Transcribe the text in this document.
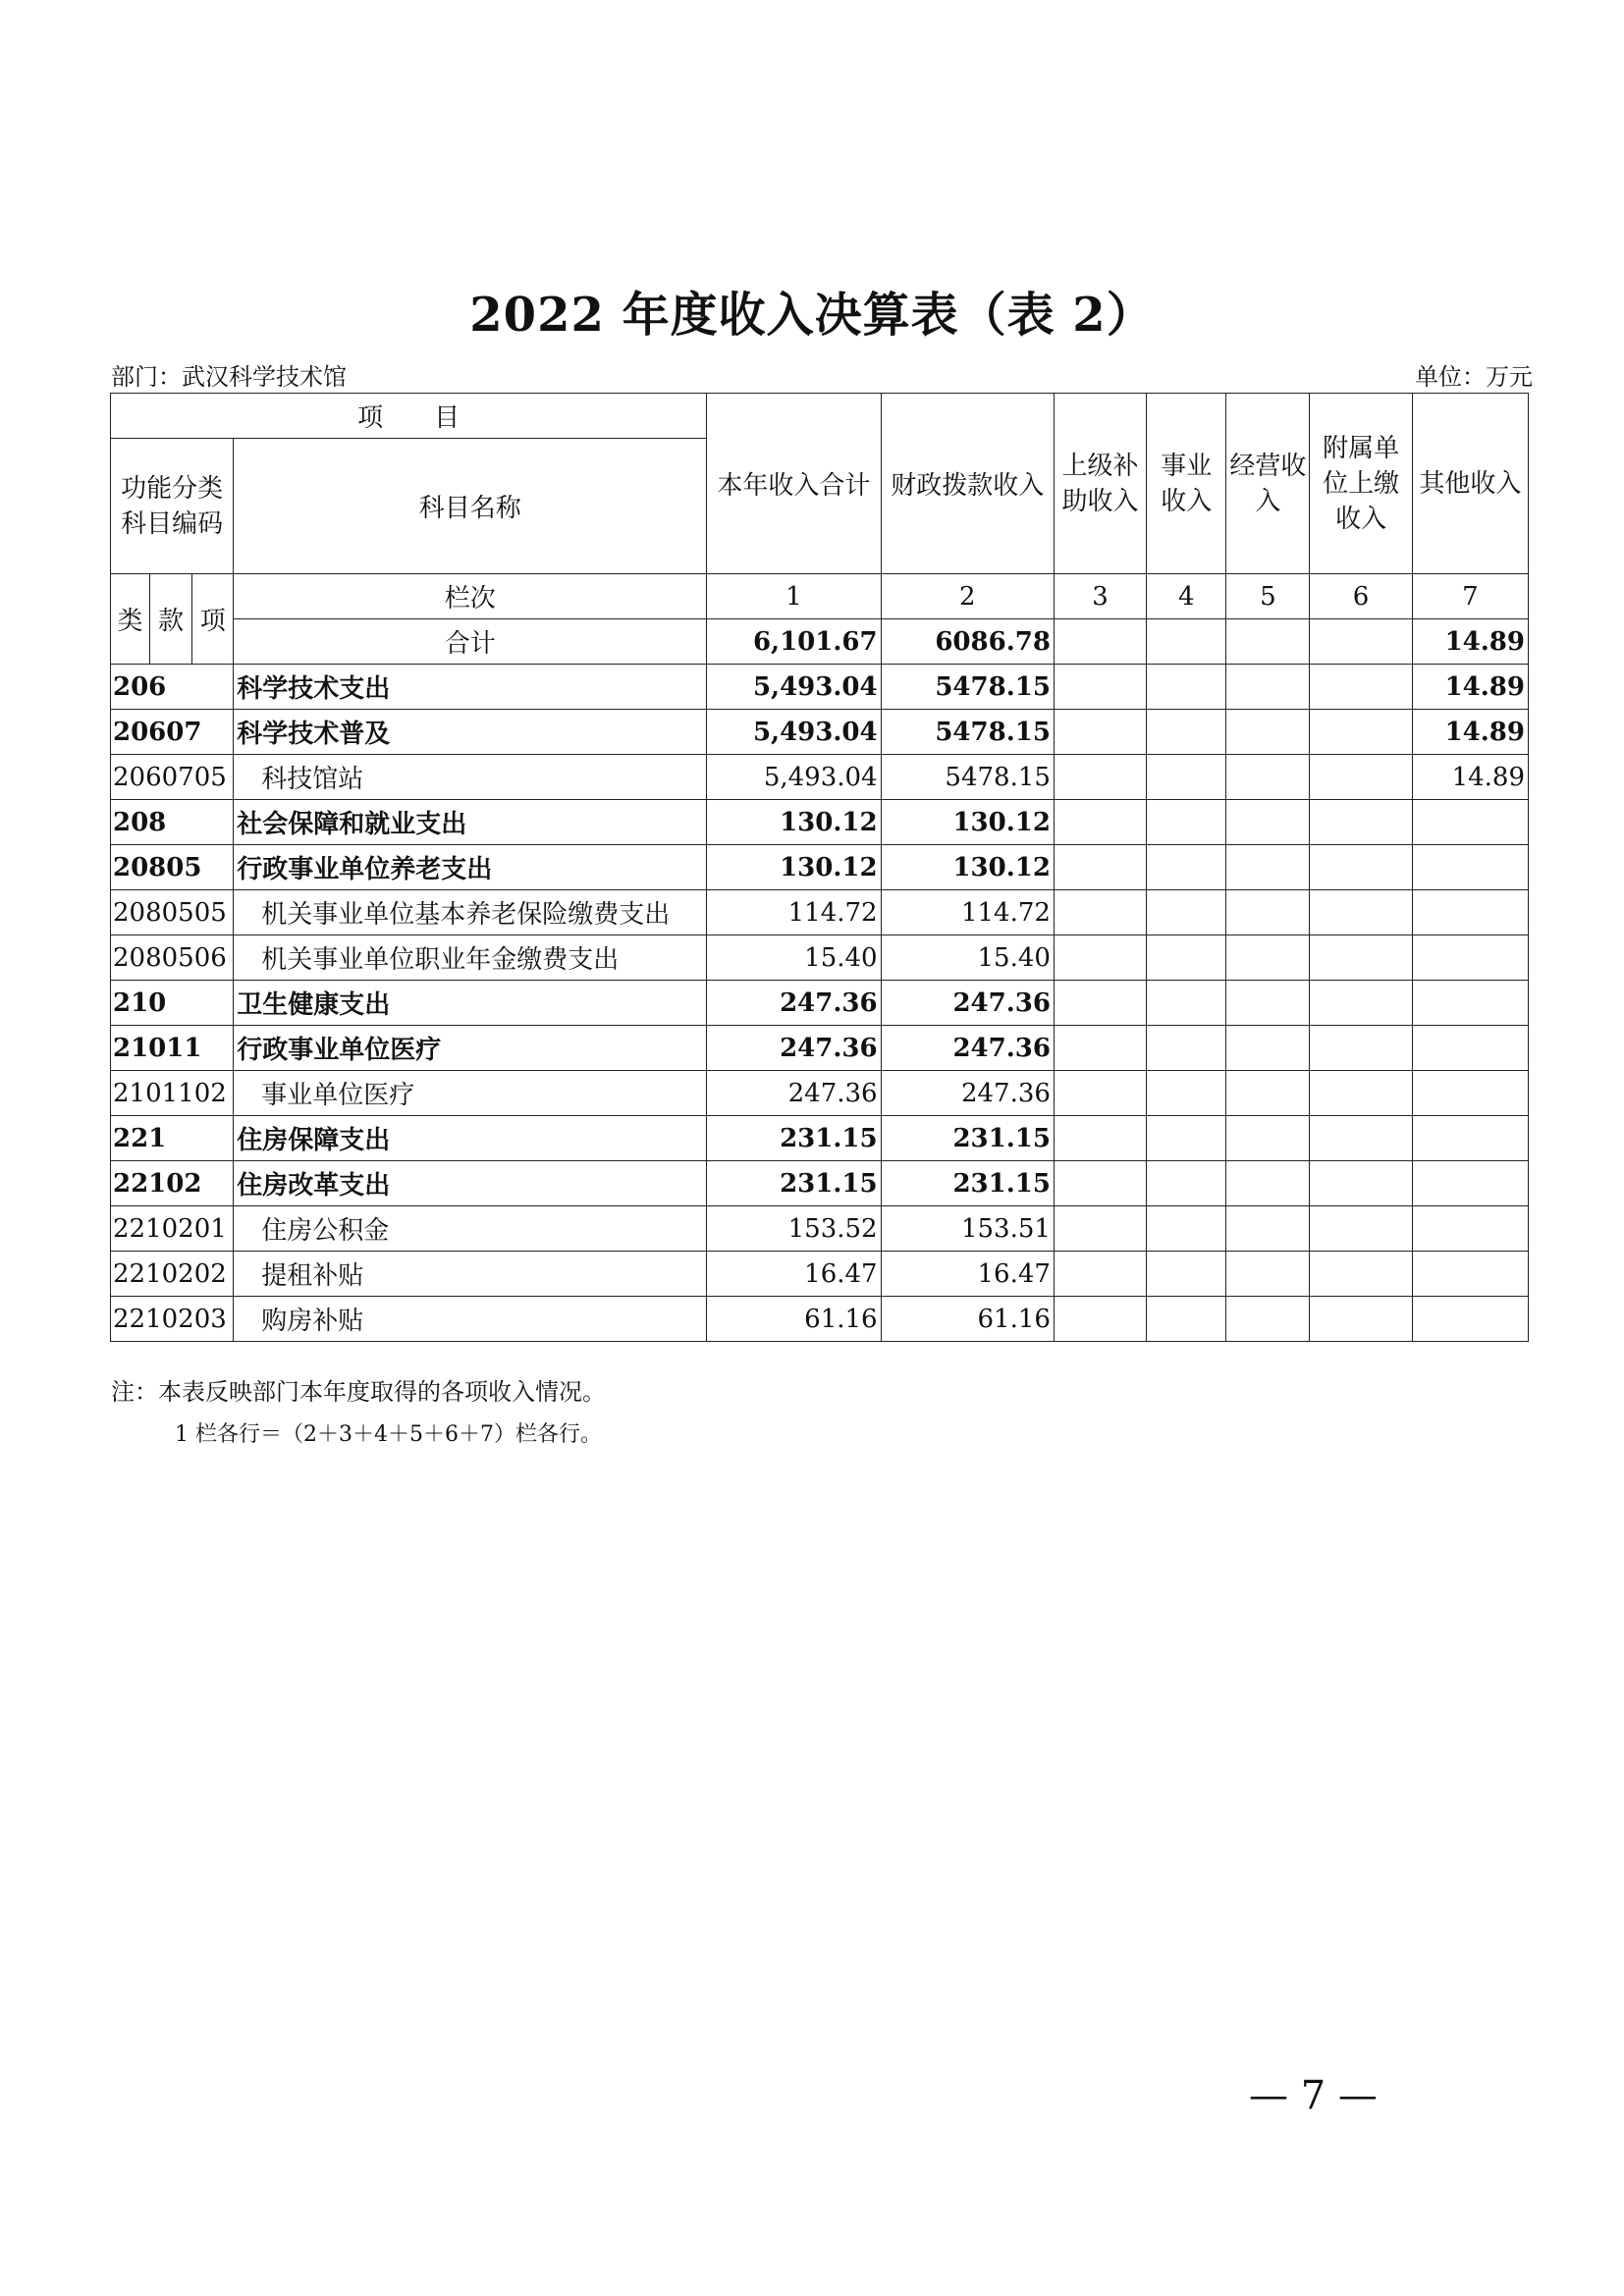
2022 年度收入决算表（表 2）
部门：武汉科学技术馆	单位：万元
项　　目				本年收入合计	财政拨款收入	上级补助收入	事业收入	经营收入	附属单位上缴收入	其他收入
功能分类科目编码			科目名称							
类	款	项	栏次	1	2	3	4	5	6	7
			合计	6,101.67	6086.78					14.89
206			科学技术支出	5,493.04	5478.15					14.89
20607			科学技术普及	5,493.04	5478.15					14.89
2060705			科技馆站	5,493.04	5478.15					14.89
208			社会保障和就业支出	130.12	130.12					
20805			行政事业单位养老支出	130.12	130.12					
2080505			机关事业单位基本养老保险缴费支出	114.72	114.72					
2080506			机关事业单位职业年金缴费支出	15.40	15.40					
210			卫生健康支出	247.36	247.36					
21011			行政事业单位医疗	247.36	247.36					
2101102			事业单位医疗	247.36	247.36					
221			住房保障支出	231.15	231.15					
22102			住房改革支出	231.15	231.15					
2210201			住房公积金	153.52	153.51					
2210202			提租补贴	16.47	16.47					
2210203			购房补贴	61.16	61.16					
注：本表反映部门本年度取得的各项收入情况。
1 栏各行＝（2＋3＋4＋5＋6＋7）栏各行。
— 7 —
